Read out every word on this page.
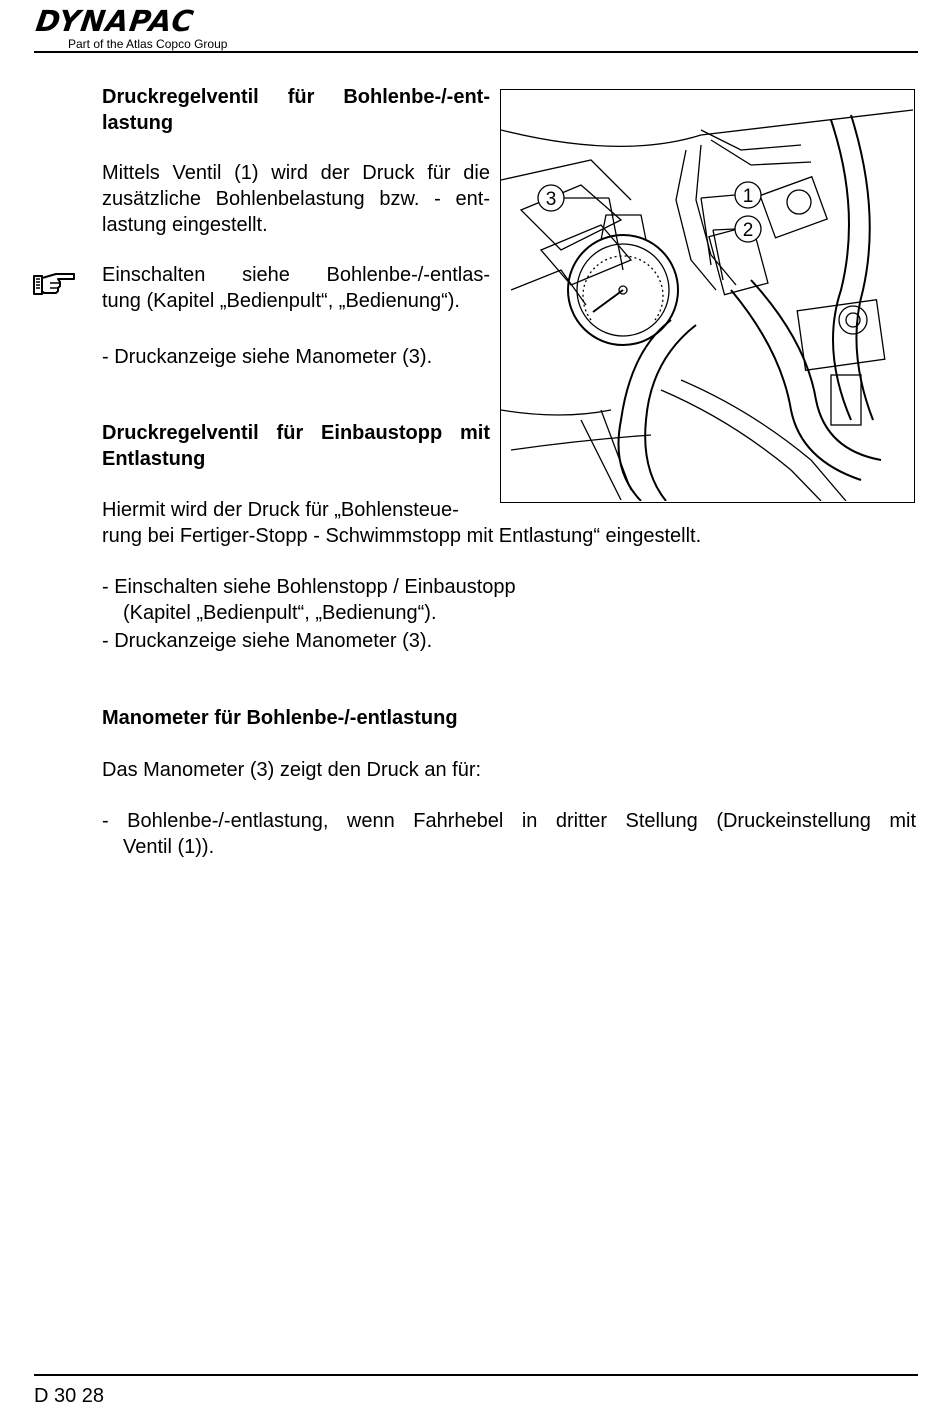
DYNAPAC
Part of the Atlas Copco Group

Druckregelventil für Bohlenbe-/-ent-

lastung

Mittels Ventil (1) wird der Druck für die

zusätzliche Bohlenbelastung bzw. - ent-

lastung eingestellt.

Einschalten siehe Bohlenbe-/-entlas-

tung (Kapitel „Bedienpult“, „Bedienung“).

- Druckanzeige siehe Manometer (3).

Druckregelventil für Einbaustopp mit

Entlastung

Hiermit wird der Druck für „Bohlensteue-

rung bei Fertiger-Stopp - Schwimmstopp mit Entlastung“ eingestellt.

- Einschalten siehe Bohlenstopp / Einbaustopp

(Kapitel „Bedienpult“, „Bedienung“).

- Druckanzeige siehe Manometer (3).

Manometer für Bohlenbe-/-entlastung

Das Manometer (3) zeigt den Druck an für:

- Bohlenbe-/-entlastung, wenn Fahrhebel in dritter Stellung (Druckeinstellung mit

Ventil (1)).

3	1
2
D 30 28
